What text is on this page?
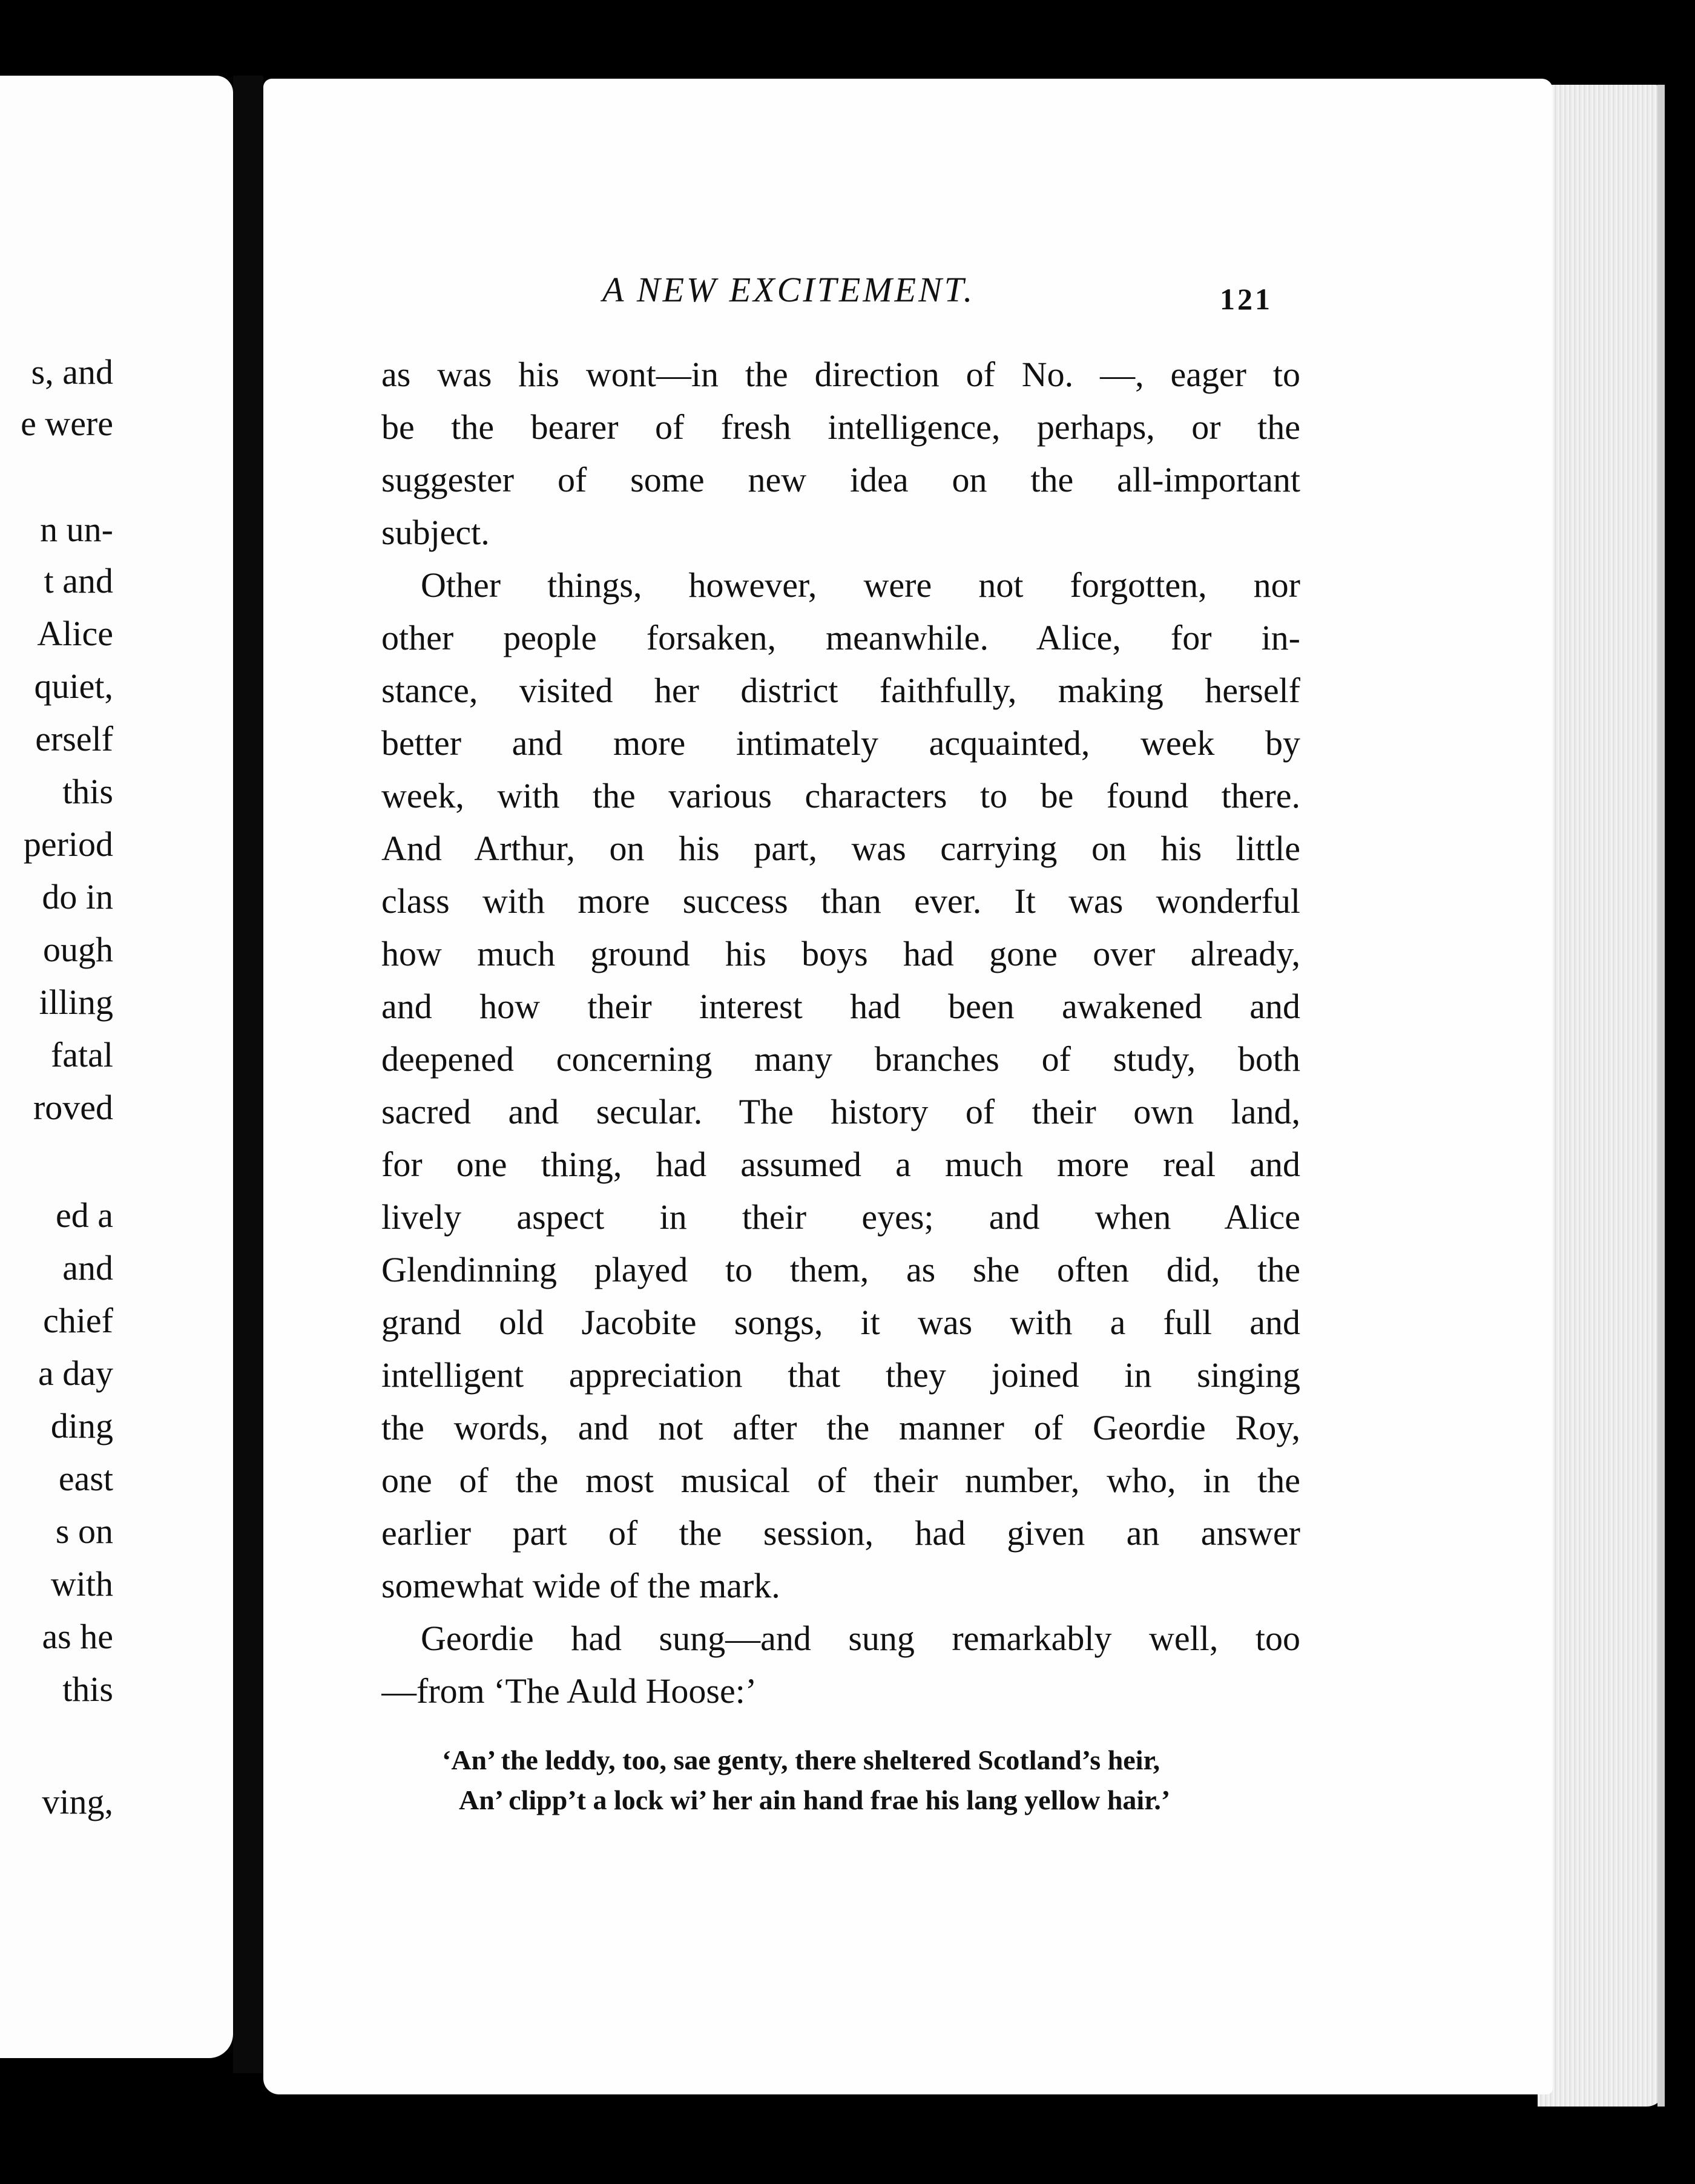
s, and
e were
n un-
t and
Alice
quiet,
erself
this
period
do in
ough
illing
fatal
roved
ed a
and
chief
a day
ding
east
s on
with
as he
this
ving,
A NEW EXCITEMENT.	121
as was his wont—in the direction of No. —, eager to
be the bearer of fresh intelligence, perhaps, or the
suggester of some new idea on the all-important
subject.
Other things, however, were not forgotten, nor
other people forsaken, meanwhile. Alice, for in-
stance, visited her district faithfully, making herself
better and more intimately acquainted, week by
week, with the various characters to be found there.
And Arthur, on his part, was carrying on his little
class with more success than ever. It was wonderful
how much ground his boys had gone over already,
and how their interest had been awakened and
deepened concerning many branches of study, both
sacred and secular. The history of their own land,
for one thing, had assumed a much more real and
lively aspect in their eyes; and when Alice
Glendinning played to them, as she often did, the
grand old Jacobite songs, it was with a full and
intelligent appreciation that they joined in singing
the words, and not after the manner of Geordie Roy,
one of the most musical of their number, who, in the
earlier part of the session, had given an answer
somewhat wide of the mark.
Geordie had sung—and sung remarkably well, too
—from ‘The Auld Hoose:’
‘An’ the leddy, too, sae genty, there sheltered Scotland’s heir,
An’ clipp’t a lock wi’ her ain hand frae his lang yellow hair.’
